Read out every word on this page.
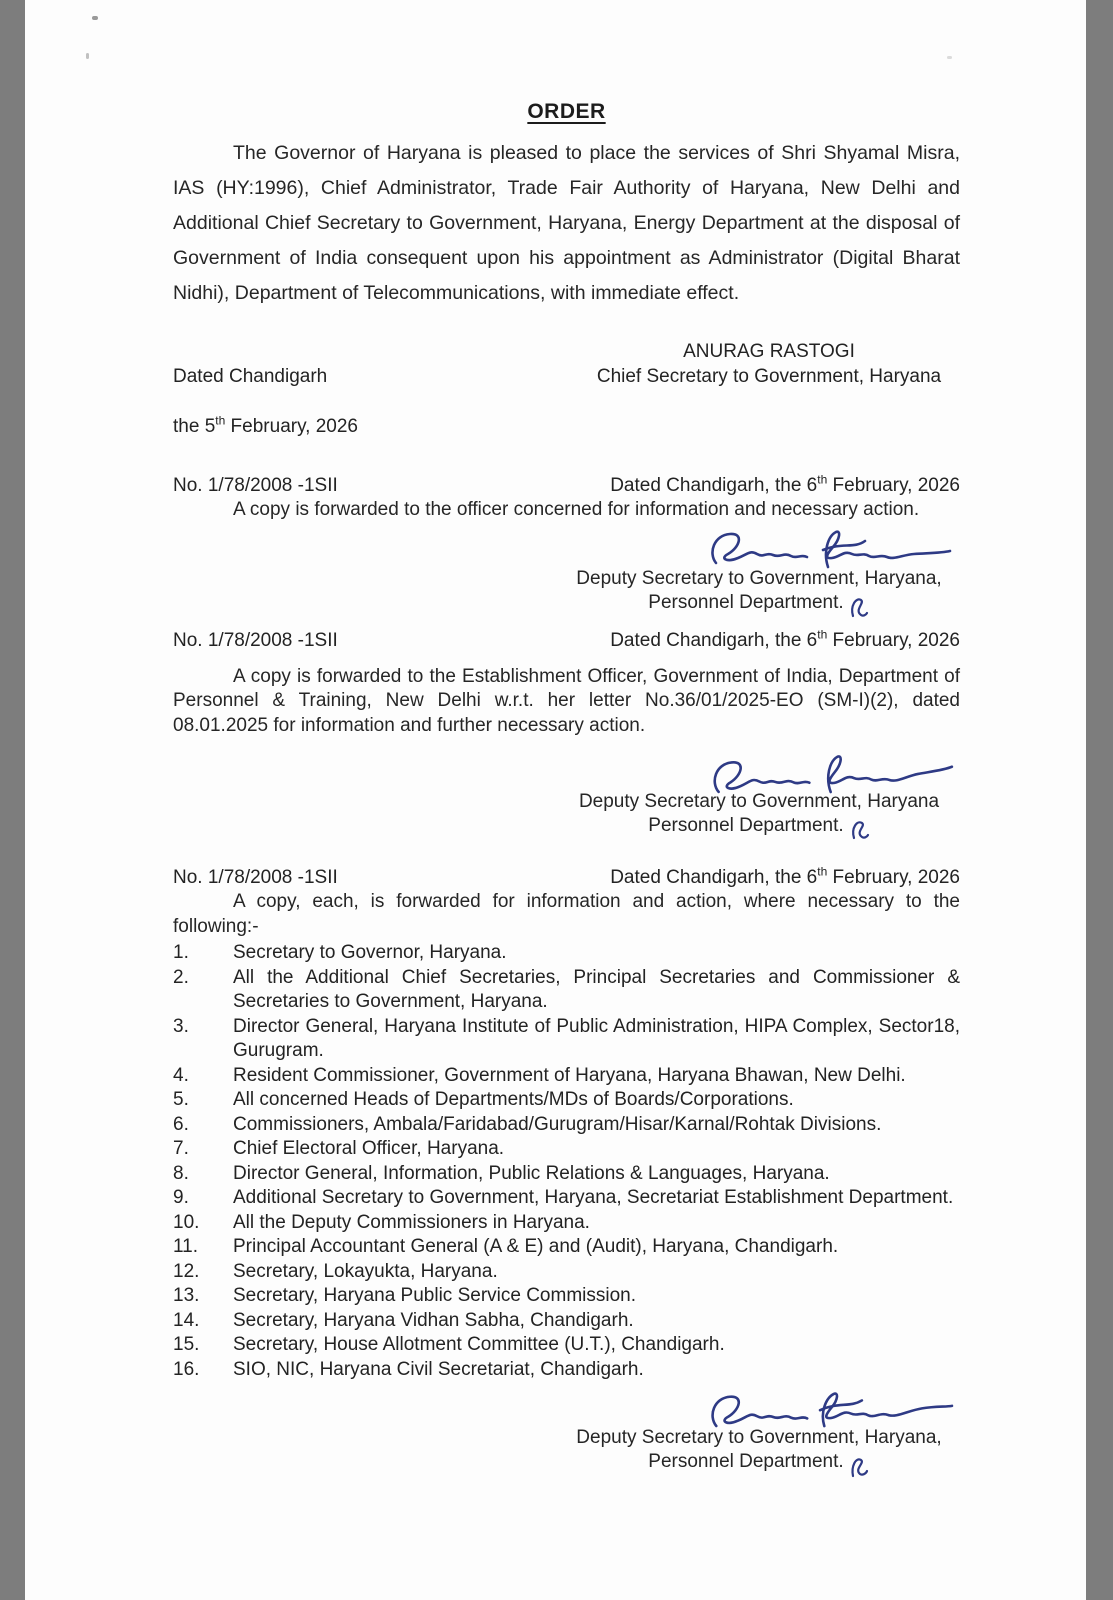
ORDER

The Governor of Haryana is pleased to place the services of Shri Shyamal Misra, IAS (HY:1996), Chief Administrator, Trade Fair Authority of Haryana, New Delhi and Additional Chief Secretary to Government, Haryana, Energy Department at the disposal of Government of India consequent upon his appointment as Administrator (Digital Bharat Nidhi), Department of Telecommunications, with immediate effect.

Dated Chandigarh

the 5th February, 2026

ANURAG RASTOGI
Chief Secretary to Government, Haryana
No. 1/78/2008 -1SII	Dated Chandigarh, the 6th February, 2026

A copy is forwarded to the officer concerned for information and necessary action.

Deputy Secretary to Government, Haryana,
Personnel Department.
No. 1/78/2008 -1SII	Dated Chandigarh, the 6th February, 2026

A copy is forwarded to the Establishment Officer, Government of India, Department of Personnel & Training, New Delhi w.r.t. her letter No.36/01/2025-EO (SM-I)(2), dated 08.01.2025 for information and further necessary action.

Deputy Secretary to Government, Haryana
Personnel Department.
No. 1/78/2008 -1SII	Dated Chandigarh, the 6th February, 2026

A copy, each, is forwarded for information and action, where necessary to the following:-

1.	Secretary to Governor, Haryana.
2.	All the Additional Chief Secretaries, Principal Secretaries and Commissioner & Secretaries to Government, Haryana.
3.	Director General, Haryana Institute of Public Administration, HIPA Complex, Sector18, Gurugram.
4.	Resident Commissioner, Government of Haryana, Haryana Bhawan, New Delhi.
5.	All concerned Heads of Departments/MDs of Boards/Corporations.
6.	Commissioners, Ambala/Faridabad/Gurugram/Hisar/Karnal/Rohtak Divisions.
7.	Chief Electoral Officer, Haryana.
8.	Director General, Information, Public Relations & Languages, Haryana.
9.	Additional Secretary to Government, Haryana, Secretariat Establishment Department.
10.	All the Deputy Commissioners in Haryana.
11.	Principal Accountant General (A & E) and (Audit), Haryana, Chandigarh.
12.	Secretary, Lokayukta, Haryana.
13.	Secretary, Haryana Public Service Commission.
14.	Secretary, Haryana Vidhan Sabha, Chandigarh.
15.	Secretary, House Allotment Committee (U.T.), Chandigarh.
16.	SIO, NIC, Haryana Civil Secretariat, Chandigarh.
Deputy Secretary to Government, Haryana,
Personnel Department.
